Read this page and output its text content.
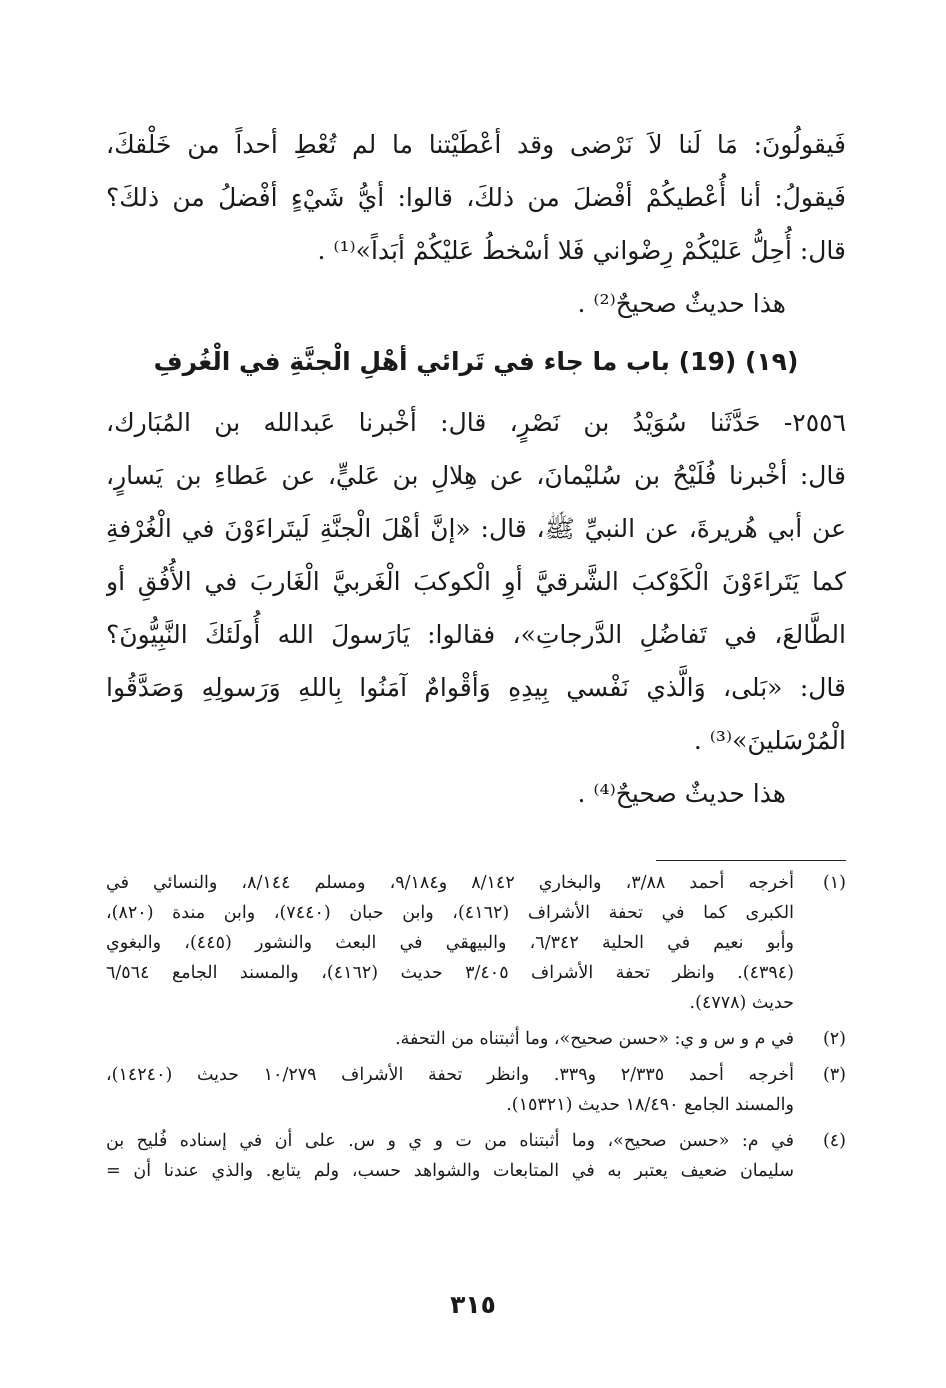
فَيقولُونَ: مَا لَنا لاَ نَرْضى وقد أعْطَيْتنا ما لم تُعْطِ أحداً من خَلْقكَ،
فَيقولُ: أنا أُعْطيكُمْ أفْضلَ من ذلكَ، قالوا: أيُّ شَيْءٍ أفْضلُ من ذلكَ؟
قال: أُحِلُّ عَليْكُمْ رِضْواني فَلا أسْخطُ عَليْكُمْ أبَداً»⁽¹⁾ .
هذا حديثٌ صحيحٌ⁽²⁾ .
(١٩) (19) باب ما جاء في تَرائي أهْلِ الْجنَّةِ في الْغُرفِ
٢٥٥٦- حَدَّثَنا سُوَيْدُ بن نَصْرٍ، قال: أخْبرنا عَبدالله بن المُبَارك،
قال: أخْبرنا فُلَيْحُ بن سُليْمانَ، عن هِلالِ بن عَليٍّ، عن عَطاءِ بن يَسارٍ،
عن أبي هُريرةَ، عن النبيِّ ﷺ، قال: «إنَّ أهْلَ الْجنَّةِ لَيتَراءَوْنَ في الْغُرْفةِ
كما يَتَراءَوْنَ الْكَوْكبَ الشَّرقيَّ أوِ الْكوكبَ الْغَربيَّ الْغَاربَ في الأُفُقِ أو
الطَّالعَ، في تَفاضُلِ الدَّرجاتِ»، فقالوا: يَارَسولَ الله أُولَئكَ النَّبِيُّونَ؟
قال: «بَلى، وَالَّذي نَفْسي بِيدِهِ وَأقْوامٌ آمَنُوا بِاللهِ وَرَسولِهِ وَصَدَّقُوا
الْمُرْسَلينَ»⁽³⁾ .
هذا حديثٌ صحيحٌ⁽⁴⁾ .
(١)
أخرجه أحمد ٣/٨٨، والبخاري ٨/١٤٢ و٩/١٨٤، ومسلم ٨/١٤٤، والنسائي في
الكبرى كما في تحفة الأشراف (٤١٦٢)، وابن حبان (٧٤٤٠)، وابن مندة (٨٢٠)،
وأبو نعيم في الحلية ٦/٣٤٢، والبيهقي في البعث والنشور (٤٤٥)، والبغوي
(٤٣٩٤). وانظر تحفة الأشراف ٣/٤٠٥ حديث (٤١٦٢)، والمسند الجامع ٦/٥٦٤
حديث (٤٧٧٨).
(٢)
في م و س و ي: «حسن صحيح»، وما أثبتناه من التحفة.
(٣)
أخرجه أحمد ٢/٣٣٥ و٣٣٩. وانظر تحفة الأشراف ١٠/٢٧٩ حديث (١٤٢٤٠)،
والمسند الجامع ١٨/٤٩٠ حديث (١٥٣٢١).
(٤)
في م: «حسن صحيح»، وما أثبتناه من ت و ي و س. على أن في إسناده فُليح بن
سليمان ضعيف يعتبر به في المتابعات والشواهد حسب، ولم يتابع. والذي عندنا أن =
٣١٥
